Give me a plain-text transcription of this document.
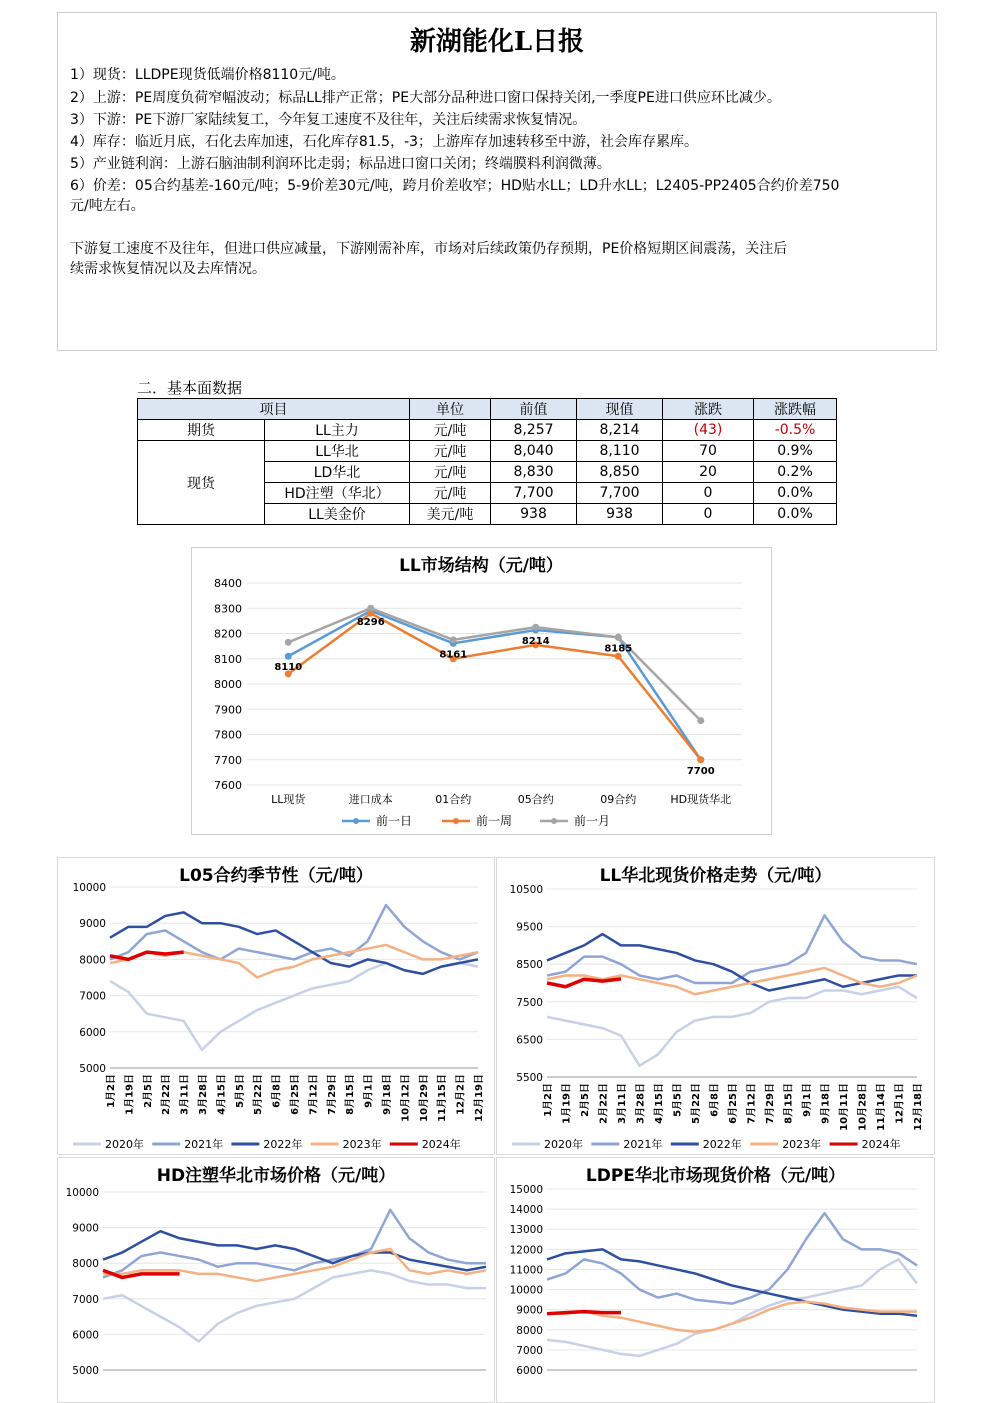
新湖能化L日报
1）现货：LLDPE现货低端价格8110元/吨。
2）上游：PE周度负荷窄幅波动；标品LL排产正常；PE大部分品种进口窗口保持关闭,一季度PE进口供应环比减少。
3）下游：PE下游厂家陆续复工，今年复工速度不及往年，关注后续需求恢复情况。
4）库存：临近月底，石化去库加速，石化库存81.5，-3；上游库存加速转移至中游，社会库存累库。
5）产业链利润：上游石脑油制利润环比走弱；标品进口窗口关闭；终端膜料利润微薄。
6）价差：05合约基差-160元/吨；5-9价差30元/吨，跨月价差收窄；HD贴水LL；LD升水LL；L2405-PP2405合约价差750
元/吨左右。
下游复工速度不及往年，但进口供应减量，下游刚需补库，市场对后续政策仍存预期，PE价格短期区间震荡，关注后
续需求恢复情况以及去库情况。
二．基本面数据
项目		单位	前值	现值	涨跌	涨跌幅
期货	LL主力	元/吨	8,257	8,214	(43)	-0.5%
现货	LL华北	元/吨	8,040	8,110	70	0.9%
	LD华北	元/吨	8,830	8,850	20	0.2%
	HD注塑（华北）	元/吨	7,700	7,700	0	0.0%
	LL美金价	美元/吨	938	938	0	0.0%
LL市场结构（元/吨）
8400
8300
8200
8100
8000
7900
7800
7700
7600
LL现货	进口成本	01合约	05合约	09合约	HD现货华北
8110
8296
8161
8214
8185
7700
前一日	前一周	前一月
L05合约季节性（元/吨）
10000
9000
8000
7000
6000
5000
1月2日 1月19日 2月5日 2月22日 3月11日 3月28日 4月15日 5月5日 5月22日 6月8日 6月25日 7月12日 7月29日 8月15日 9月1日 9月18日 10月12日 10月29日 11月15日 12月2日 12月19日
2020年	2021年	2022年	2023年	2024年
LL华北现货价格走势（元/吨）
10500
9500
8500
7500
6500
5500
1月2日 1月19日 2月5日 2月22日 3月11日 3月28日 4月15日 5月5日 5月22日 6月8日 6月25日 7月12日 7月29日 8月15日 9月1日 9月18日 10月11日 10月28日 11月14日 12月1日 12月18日
2020年	2021年	2022年	2023年	2024年
HD注塑华北市场价格（元/吨）
10000
9000
8000
7000
6000
5000
LDPE华北市场现货价格（元/吨）
15000
14000
13000
12000
11000
10000
9000
8000
7000
6000
